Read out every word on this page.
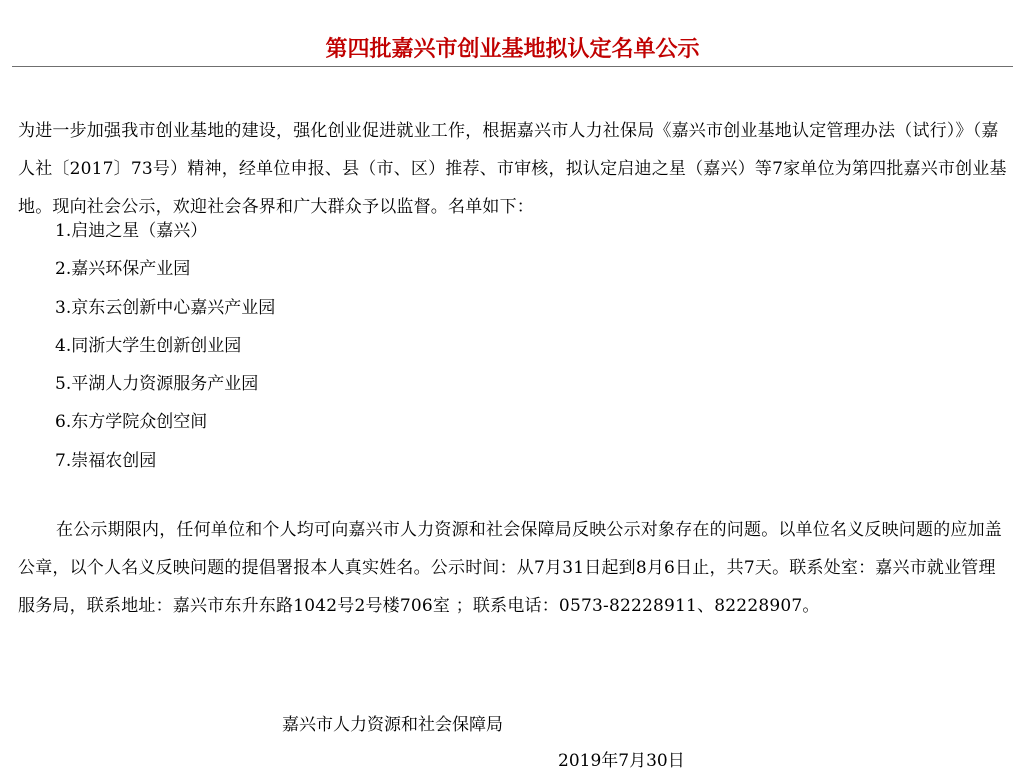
第四批嘉兴市创业基地拟认定名单公示

为进一步加强我市创业基地的建设，强化创业促进就业工作，根据嘉兴市人力社保局《嘉兴市创业基地认定管理办法（试行）》（嘉人社〔2017〕73号）精神，经单位申报、县（市、区）推荐、市审核，拟认定启迪之星（嘉兴）等7家单位为第四批嘉兴市创业基地。现向社会公示，欢迎社会各界和广大群众予以监督。名单如下：

1.启迪之星（嘉兴）
2.嘉兴环保产业园
3.京东云创新中心嘉兴产业园
4.同浙大学生创新创业园
5.平湖人力资源服务产业园
6.东方学院众创空间
7.崇福农创园

在公示期限内，任何单位和个人均可向嘉兴市人力资源和社会保障局反映公示对象存在的问题。以单位名义反映问题的应加盖公章，以个人名义反映问题的提倡署报本人真实姓名。公示时间：从7月31日起到8月6日止，共7天。联系处室：嘉兴市就业管理服务局，联系地址：嘉兴市东升东路1042号2号楼706室 ；联系电话：0573-82228911、82228907。

嘉兴市人力资源和社会保障局

2019年7月30日
